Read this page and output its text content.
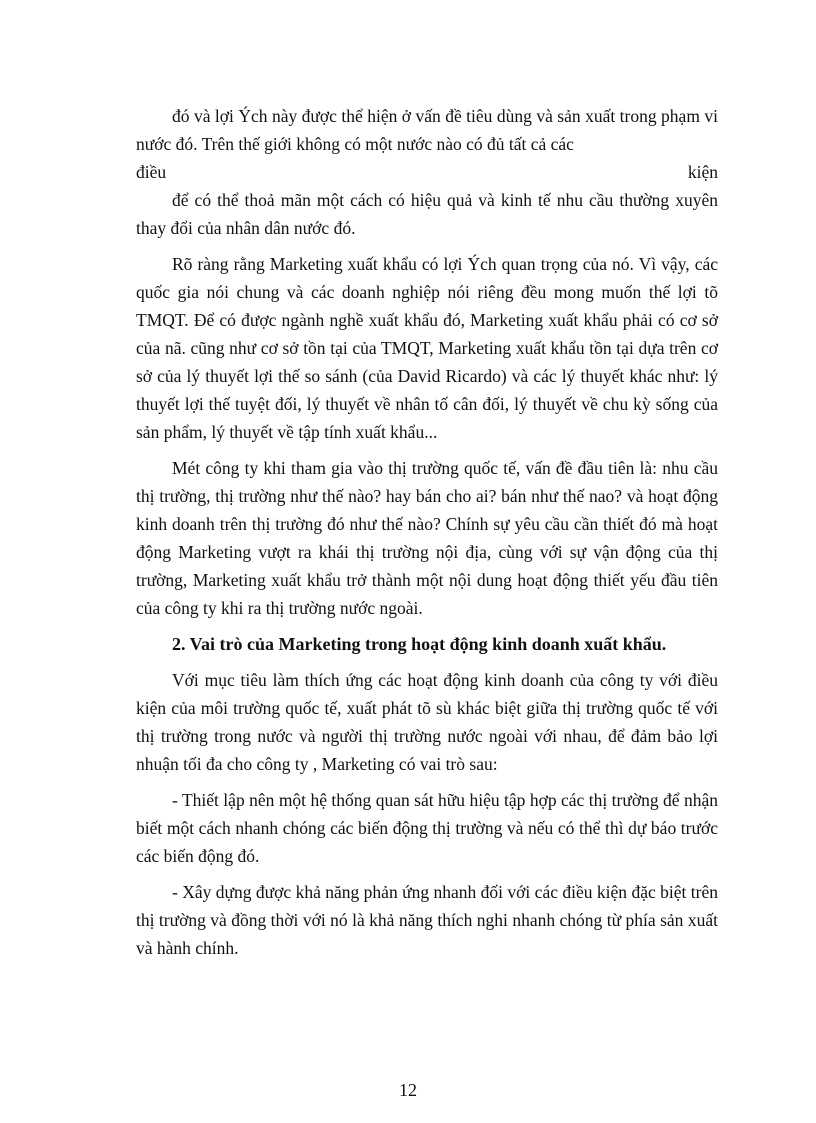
đó và lợi Ých này được thể hiện ở vấn đề tiêu dùng và sản xuất trong phạm vi nước đó. Trên thế giới không có một nước nào có đủ tất cả các

điều	kiện

để có thể thoả mãn một cách có hiệu quả và kinh tế nhu cầu thường xuyên thay đổi của nhân dân nước đó.

Rõ ràng rằng Marketing xuất khẩu có lợi Ých quan trọng của nó. Vì vậy, các quốc gia nói chung và các doanh nghiệp nói riêng đều mong muốn thế lợi tõ TMQT. Để có được ngành nghề xuất khẩu đó, Marketing xuất khẩu phải có cơ sở của nã. cũng như cơ sở tồn tại của TMQT, Marketing xuất khẩu tồn tại dựa trên cơ sở của lý thuyết lợi thế so sánh (của David Ricardo) và các lý thuyết khác như: lý thuyết lợi thế tuyệt đối, lý thuyết về nhân tố cân đối, lý thuyết về chu kỳ sống của sản phẩm, lý thuyết về tập tính xuất khẩu...

Mét công ty khi tham gia vào thị trường quốc tế, vấn đề đầu tiên là: nhu cầu thị trường, thị trường như thế nào? hay bán cho ai? bán như thế nao? và hoạt động kinh doanh trên thị trường đó như thế nào? Chính sự yêu cầu cần thiết đó mà hoạt động Marketing vượt ra khái thị trường nội địa, cùng với sự vận động của thị trường, Marketing xuất khẩu trở thành một nội dung hoạt động thiết yếu đầu tiên của công ty khi ra thị trường nước ngoài.

2. Vai trò của Marketing trong hoạt động kinh doanh xuất khẩu.

Với mục tiêu làm thích ứng các hoạt động kinh doanh của công ty với điều kiện của môi trường quốc tế, xuất phát tõ sù khác biệt giữa thị trường quốc tế với thị trường trong nước và người thị trường nước ngoài với nhau, để đảm bảo lợi nhuận tối đa cho công ty , Marketing có vai trò sau:

- Thiết lập nên một hệ thống quan sát hữu hiệu tập hợp các thị trường để nhận biết một cách nhanh chóng các biến động thị trường và nếu có thể thì dự báo trước các biến động đó.

- Xây dựng được khả năng phản ứng nhanh đối với các điều kiện đặc biệt trên thị trường và đồng thời với nó là khả năng thích nghi nhanh chóng từ phía sản xuất và hành chính.

12
